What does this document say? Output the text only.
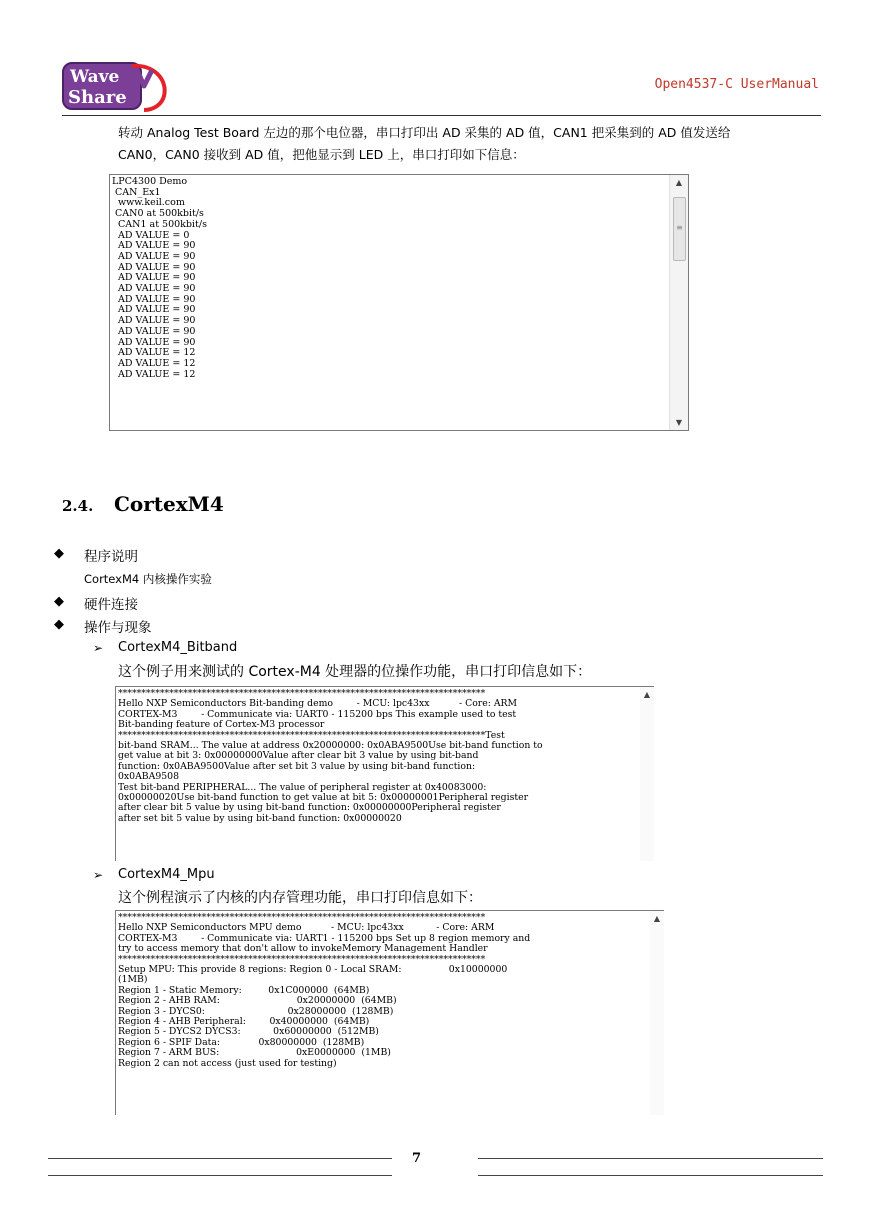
Wave
Share
Open4537-C UserManual
转动 Analog Test Board 左边的那个电位器，串口打印出 AD 采集的 AD 值，CAN1 把采集到的 AD 值发送给
CAN0，CAN0 接收到 AD 值，把他显示到 LED 上，串口打印如下信息：
LPC4300 Demo
CAN_Ex1
www.keil.com
CAN0 at 500kbit/s
CAN1 at 500kbit/s
AD VALUE = 0
AD VALUE = 90
AD VALUE = 90
AD VALUE = 90
AD VALUE = 90
AD VALUE = 90
AD VALUE = 90
AD VALUE = 90
AD VALUE = 90
AD VALUE = 90
AD VALUE = 90
AD VALUE = 12
AD VALUE = 12
AD VALUE = 12
▲
≡
▼
2.4. CortexM4
◆ 程序说明
CortexM4 内核操作实验
◆ 硬件连接
◆ 操作与现象
➢ CortexM4_Bitband
这个例子用来测试的 Cortex-M4 处理器的位操作功能，串口打印信息如下：
*******************************************************************************
Hello NXP Semiconductors Bit-banding demo        - MCU: lpc43xx          - Core: ARM
CORTEX-M3        - Communicate via: UART0 - 115200 bps This example used to test
Bit-banding feature of Cortex-M3 processor
*******************************************************************************Test
bit-band SRAM... The value at address 0x20000000: 0x0ABA9500Use bit-band function to
get value at bit 3: 0x00000000Value after clear bit 3 value by using bit-band
function: 0x0ABA9500Value after set bit 3 value by using bit-band function:
0x0ABA9508
Test bit-band PERIPHERAL... The value of peripheral register at 0x40083000:
0x00000020Use bit-band function to get value at bit 5: 0x00000001Peripheral register
after clear bit 5 value by using bit-band function: 0x00000000Peripheral register
after set bit 5 value by using bit-band function: 0x00000020
▲
➢ CortexM4_Mpu
这个例程演示了内核的内存管理功能，串口打印信息如下：
*******************************************************************************
Hello NXP Semiconductors MPU demo          - MCU: lpc43xx           - Core: ARM
CORTEX-M3        - Communicate via: UART1 - 115200 bps Set up 8 region memory and
try to access memory that don't allow to invokeMemory Management Handler
*******************************************************************************
Setup MPU: This provide 8 regions: Region 0 - Local SRAM:                0x10000000
(1MB)
Region 1 - Static Memory:         0x1C000000  (64MB)
Region 2 - AHB RAM:                          0x20000000  (64MB)
Region 3 - DYCS0:                            0x28000000  (128MB)
Region 4 - AHB Peripheral:        0x40000000  (64MB)
Region 5 - DYCS2 DYCS3:           0x60000000  (512MB)
Region 6 - SPIF Data:             0x80000000  (128MB)
Region 7 - ARM BUS:                          0xE0000000  (1MB)
Region 2 can not access (just used for testing)
▲
7
